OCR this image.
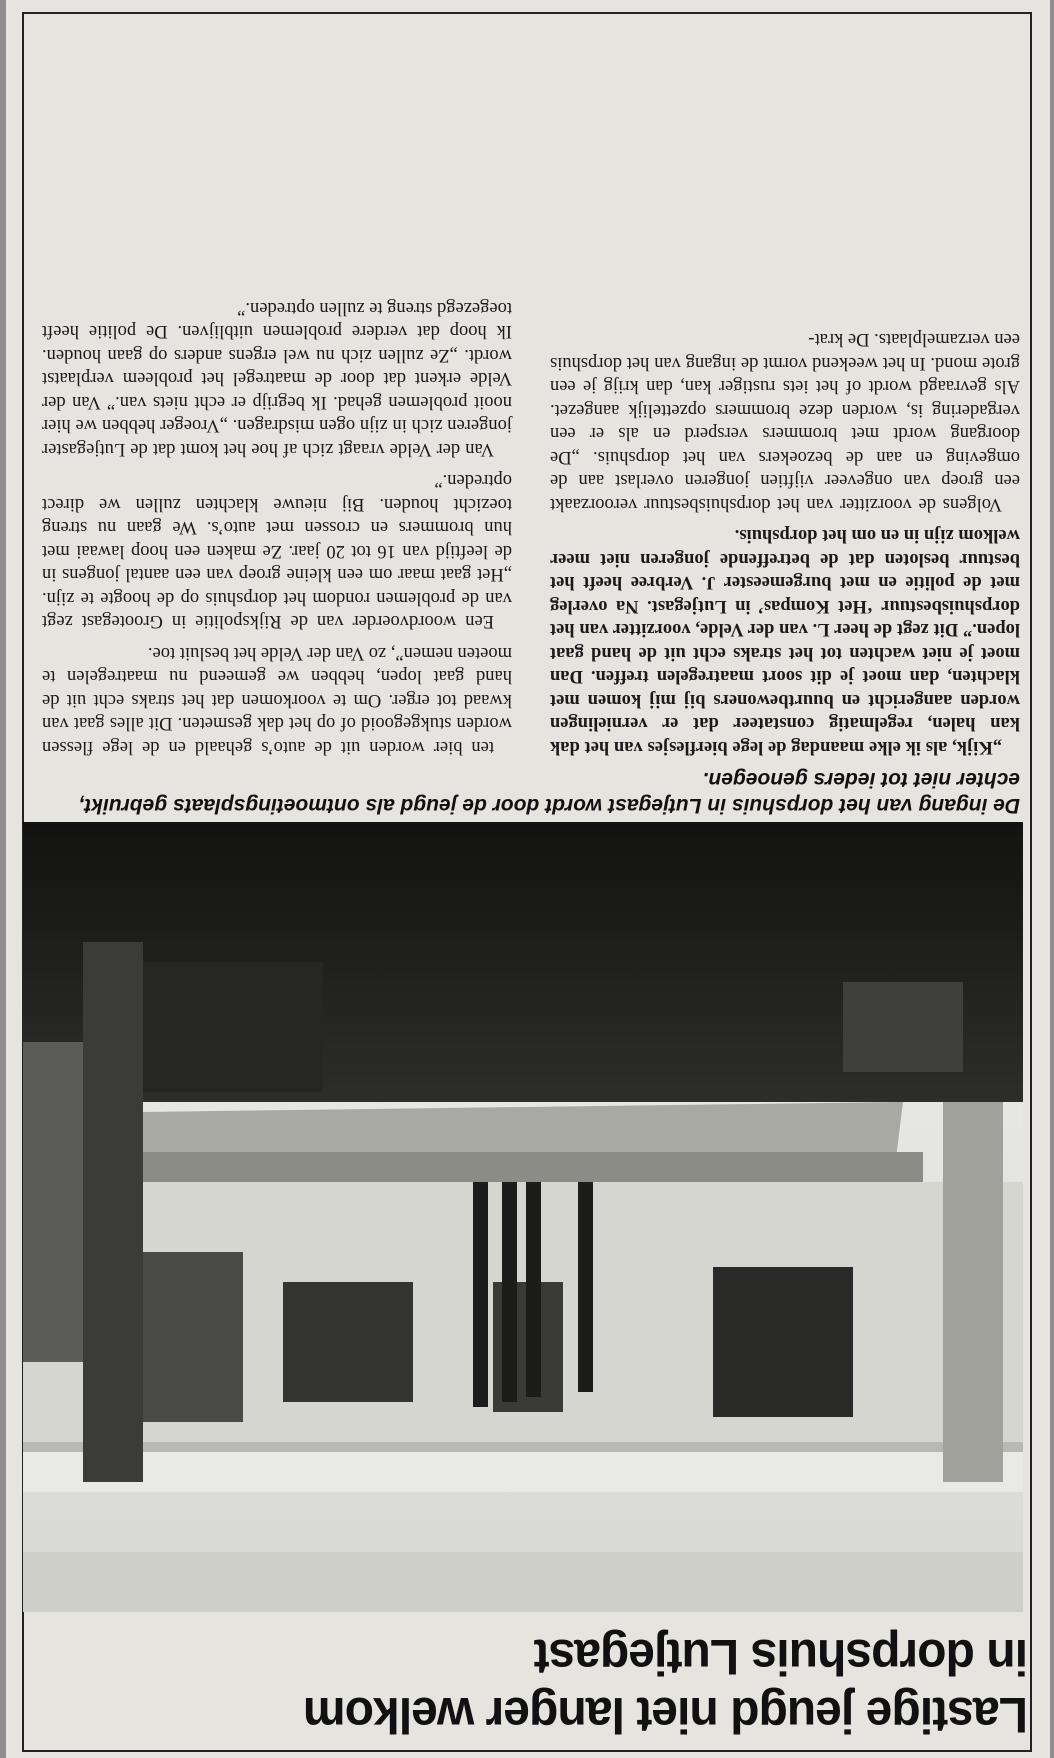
Lastige jeugd niet langer welkom
in dorpshuis Lutjegast
De ingang van het dorpshuis in Lutjegast wordt door de jeugd als ontmoetingsplaats gebruikt, echter niet tot ieders genoegen.

„Kijk, als ik elke maandag de lege bierflesjes van het dak kan halen, regelmatig constateer dat er vernielingen worden aangericht en buurtbewoners bij mij komen met klachten, dan moet je dit soort maatregelen treffen. Dan moet je niet wachten tot het straks echt uit de hand gaat lopen.” Dit zegt de heer L. van der Velde, voorzitter van het dorpshuisbestuur ‘Het Kompas’ in Lutjegast. Na overleg met de politie en met burgemeester J. Verbree heeft het bestuur besloten dat de betreffende jongeren niet meer welkom zijn in en om het dorpshuis.

Volgens de voorzitter van het dorpshuisbestuur veroorzaakt een groep van ongeveer vijftien jongeren overlast aan de omgeving en aan de bezoekers van het dorpshuis. „De doorgang wordt met brommers versperd en als er een vergadering is, worden deze brommers opzettelijk aangezet. Als gevraagd wordt of het iets rustiger kan, dan krijg je een grote mond. In het weekend vormt de ingang van het dorpshuis een verzamelplaats. De krat-

ten bier worden uit de auto’s gehaald en de lege flessen worden stukgegooid of op het dak gesmeten. Dit alles gaat van kwaad tot erger. Om te voorkomen dat het straks echt uit de hand gaat lopen, hebben we gemeend nu maatregelen te moeten nemen”, zo Van der Velde het besluit toe.

Een woordvoerder van de Rijkspolitie in Grootegast zegt van de problemen rondom het dorpshuis op de hoogte te zijn. „Het gaat maar om een kleine groep van een aantal jongens in de leeftijd van 16 tot 20 jaar. Ze maken een hoop lawaai met hun brommers en crossen met auto’s. We gaan nu streng toezicht houden. Bij nieuwe klachten zullen we direct optreden.”

Van der Velde vraagt zich af hoe het komt dat de Lutjegaster jongeren zich in zijn ogen misdragen. „Vroeger hebben we hier nooit problemen gehad. Ik begrijp er echt niets van.” Van der Velde erkent dat door de maatregel het probleem verplaatst wordt. „Ze zullen zich nu wel ergens anders op gaan houden. Ik hoop dat verdere problemen uitblijven. De politie heeft toegezegd streng te zullen optreden.”
